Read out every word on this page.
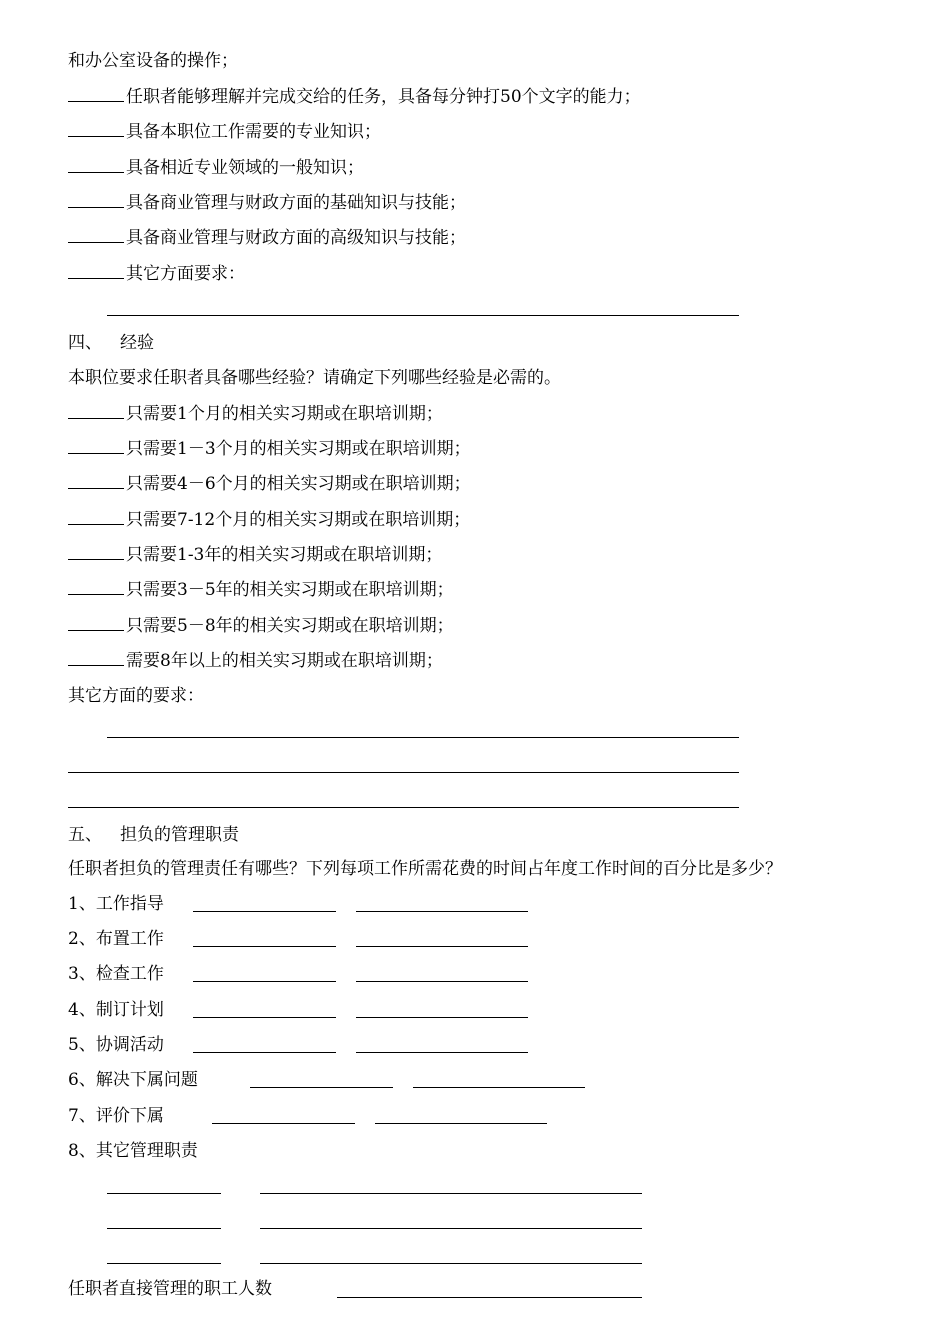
和办公室设备的操作；
任职者能够理解并完成交给的任务，具备每分钟打50个文字的能力；
具备本职位工作需要的专业知识；
具备相近专业领域的一般知识；
具备商业管理与财政方面的基础知识与技能；
具备商业管理与财政方面的高级知识与技能；
其它方面要求：
四、 经验
本职位要求任职者具备哪些经验？请确定下列哪些经验是必需的。
只需要1个月的相关实习期或在职培训期；
只需要1－3个月的相关实习期或在职培训期；
只需要4－6个月的相关实习期或在职培训期；
只需要7-12个月的相关实习期或在职培训期；
只需要1-3年的相关实习期或在职培训期；
只需要3－5年的相关实习期或在职培训期；
只需要5－8年的相关实习期或在职培训期；
需要8年以上的相关实习期或在职培训期；
其它方面的要求：
五、 担负的管理职责
任职者担负的管理责任有哪些？下列每项工作所需花费的时间占年度工作时间的百分比是多少？
1、工作指导
2、布置工作
3、检查工作
4、制订计划
5、协调活动
6、解决下属问题
7、评价下属
8、其它管理职责
任职者直接管理的职工人数
